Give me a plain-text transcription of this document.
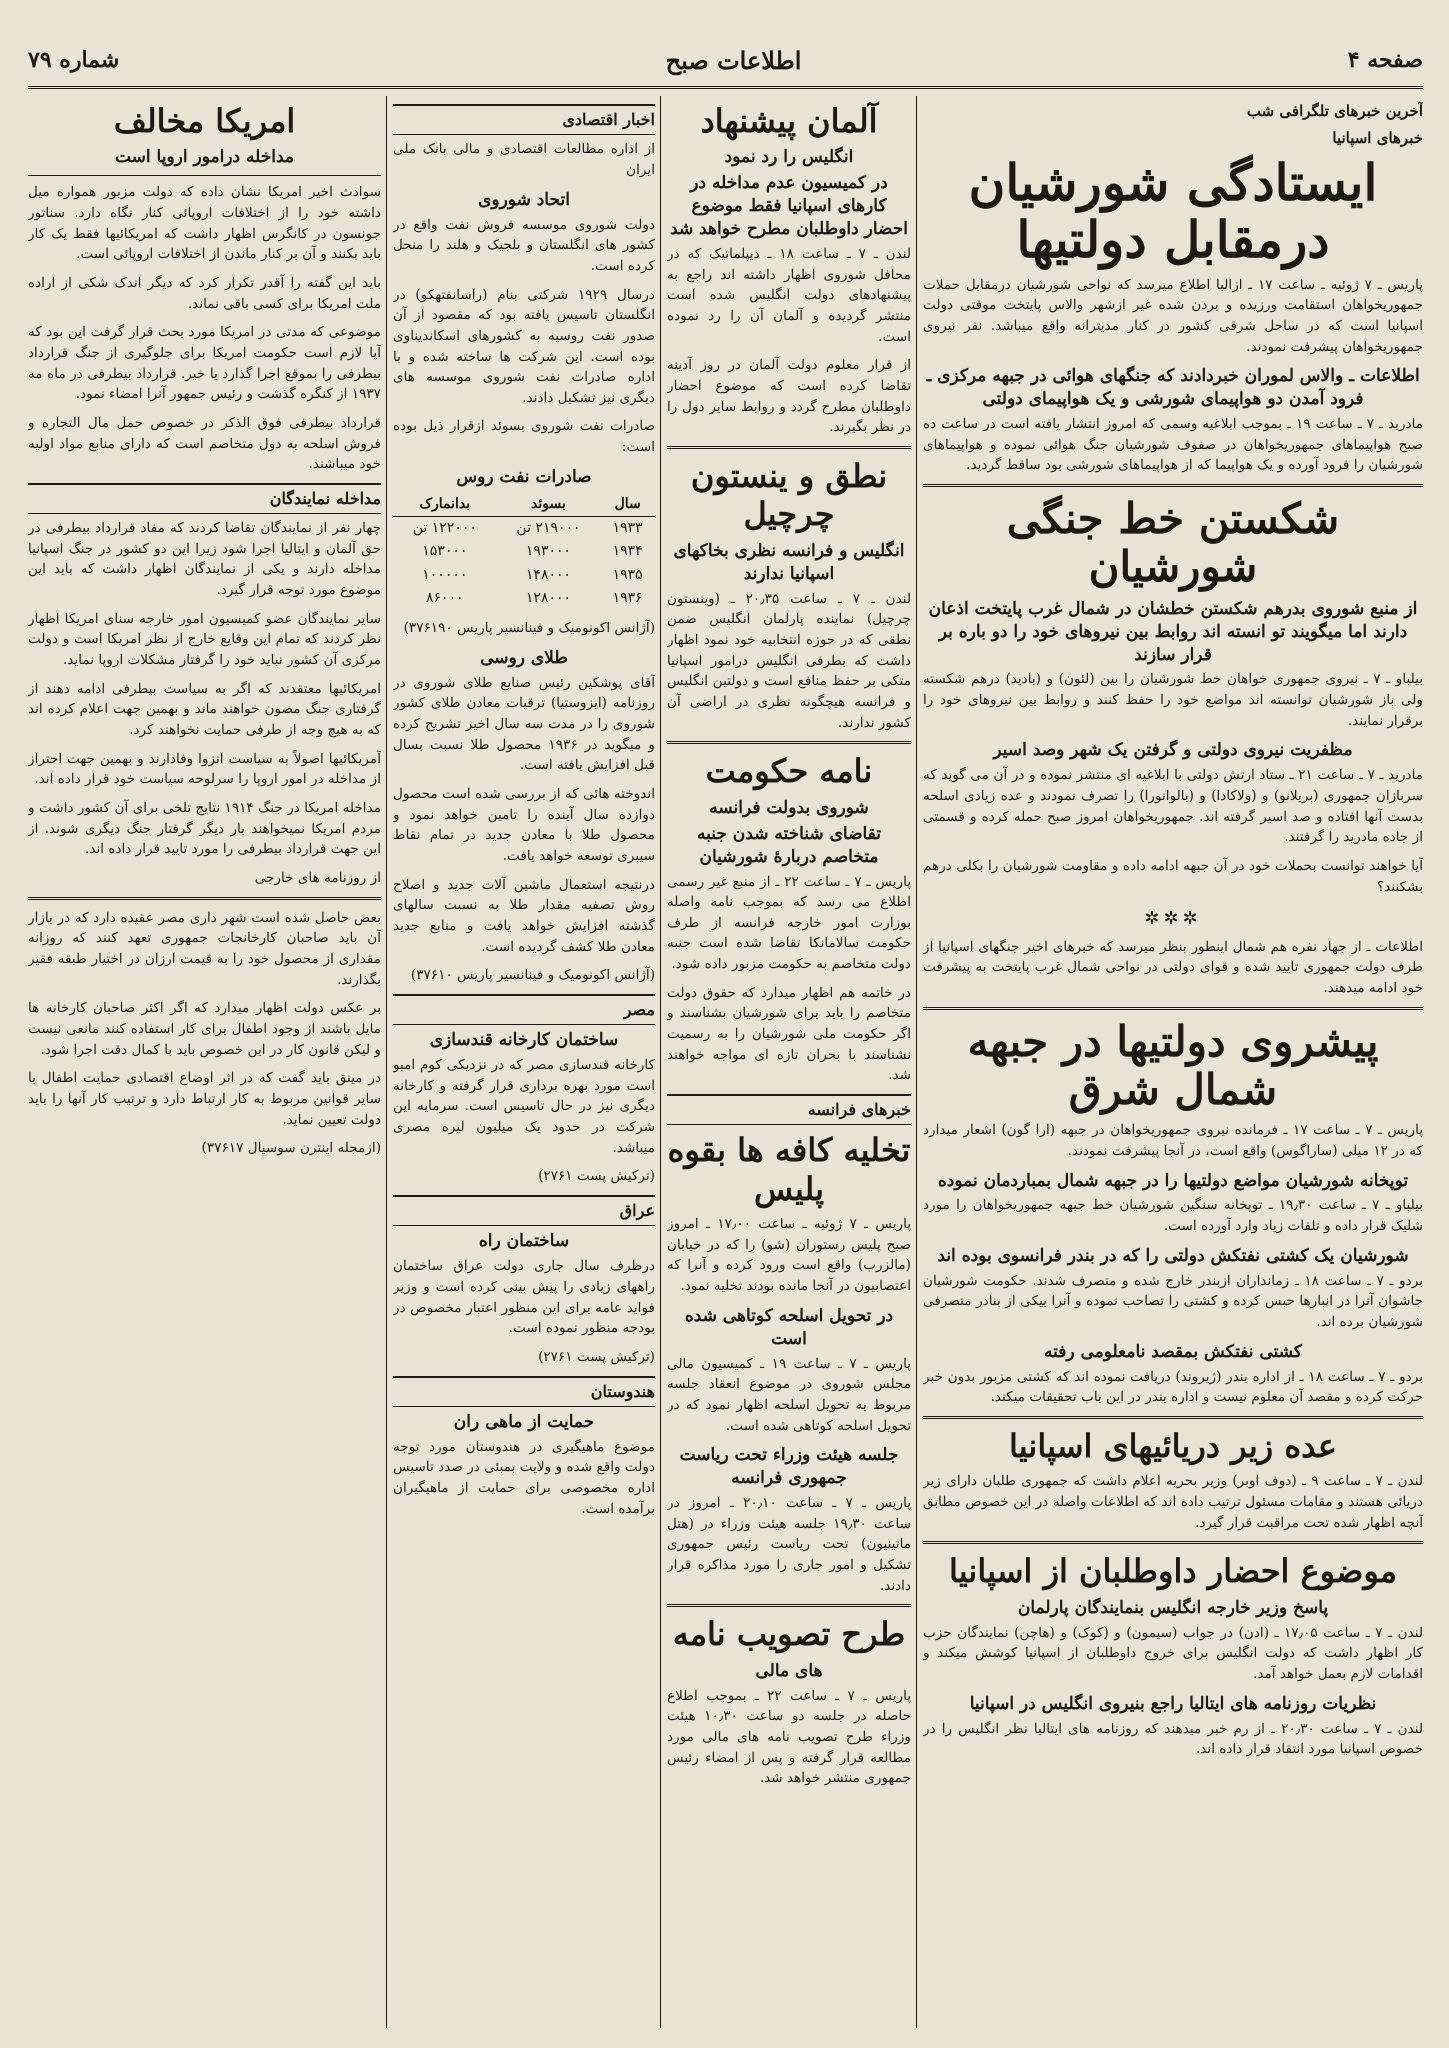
صفحه ۴
اطلاعات صبح
شماره ۷۹
آخرین خبرهای تلگرافی شب
خبرهای اسپانیا
ایستادگی شورشیان درمقابل دولتیها
پاریس ـ ۷ ژوئیه ـ ساعت ۱۷ ـ ازالبا اطلاع میرسد که نواحی شورشیان درمقابل حملات جمهوریخواهان استقامت ورزیده و بردن شده غیر ازشهر والاس پایتخت موقتی دولت اسپانیا است که در ساحل شرقی کشور در کنار مدیترانه واقع میباشد. نفر نیروی جمهوریخواهان پیشرفت نمودند.
اطلاعات ـ والاس لموران خبردادند که جنگهای هوائی در جبهه مرکزی ـ فرود آمدن دو هواپیمای شورشی و یک هواپیمای دولتی
مادرید ـ ۷ ـ ساعت ۱۹ ـ بموجب ابلاغیه وسمی که امروز انتشار یافته است در ساعت ده صبح هواپیماهای جمهوریخواهان در صفوف شورشیان جنگ هوائی نموده و هواپیماهای شورشیان را فرود آورده و یک هواپیما که از هواپیماهای شورشی بود ساقط گردید.
شکستن خط جنگی شورشیان
از منبع شوروی بدرهم شکستن خطشان در شمال غرب پایتخت اذعان دارند اما میگویند تو انسته اند روابط بین نیروهای خود را دو باره بر قرار سازند
بیلباو ـ ۷ ـ نیروی جمهوری خواهان خط شورشیان را بین (لئون) و (بادید) درهم شکسته ولی باز شورشیان توانسته اند مواضع خود را حفظ کنند و روابط بین نیروهای خود را برقرار نمایند.
مظفریت نیروی دولتی و گرفتن یک شهر وصد اسیر
مادرید ـ ۷ ـ ساعت ۲۱ ـ ستاد ارتش دولتی با ابلاغیه ای منتشر نموده و در آن می گوید که سربازان جمهوری (بریلانو) و (ولاکادا) و (بالوانورا) را تصرف نمودند و عده زیادی اسلحه بدست آنها افتاده و صد اسیر گرفته اند. جمهوریخواهان امروز صبح حمله کرده و قسمتی از جاده مادرید را گرفتند.
آیا خواهند توانست بحملات خود در آن جبهه ادامه داده و مقاومت شورشیان را بکلی درهم بشکنند؟
✲✲✲
اطلاعات ـ از جهاد نفره هم شمال اینطور بنظر میرسد که خبرهای اخیر جنگهای اسپانیا از طرف دولت جمهوری تایید شده و قوای دولتی در نواحی شمال غرب پایتخت به پیشرفت خود ادامه میدهند.
پیشروی دولتیها در جبهه شمال شرق
پاریس ـ ۷ ـ ساعت ۱۷ ـ فرمانده نیروی جمهوریخواهان در جبهه (ارا گون) اشعار میدارد که در ۱۲ میلی (ساراگوس) واقع است، در آنجا پیشرفت نمودند.
توپخانه شورشیان مواضع دولتیها را در جبهه شمال بمباردمان نموده
بیلباو ـ ۷ ـ ساعت ۱۹٫۳۰ ـ توپخانه سنگین شورشیان خط جبهه جمهوریخواهان را مورد شلیک قرار داده و تلفات زیاد وارد آورده است.
شورشیان یک کشتی نفتکش دولتی را که در بندر فرانسوی بوده اند
بردو ـ ۷ ـ ساعت ۱۸ ـ زمانداران ازبندر خارج شده و متصرف شدند. حکومت شورشیان جاشوان آنرا در انبارها حبس کرده و کشتی را تصاحب نموده و آنرا بیکی از بنادر متصرفی شورشیان برده اند.
کشتی نفتکش بمقصد نامعلومی رفته
بردو ـ ۷ ـ ساعت ۱۸ ـ از اداره بندر (ژیروند) دریافت نموده اند که کشتی مزبور بدون خبر حرکت کرده و مقصد آن معلوم نیست و اداره بندر در این باب تحقیقات میکند.
عده زیر دریائیهای اسپانیا
لندن ـ ۷ ـ ساعت ۹ ـ (دوف اوبر) وزیر بحریه اعلام داشت که جمهوری طلبان دارای زیر دریائی هستند و مقامات مسئول ترتیب داده اند که اطلاعات واصله در این خصوص مطابق آنچه اظهار شده تحت مراقبت قرار گیرد.
موضوع احضار داوطلبان از اسپانیا
پاسخ وزیر خارجه انگلیس بنمایندگان پارلمان
لندن ـ ۷ ـ ساعت ۱۷٫۰۵ ـ (ادن) در جواب (سیمون) و (کوک) و (هاچن) نمایندگان حزب کار اظهار داشت که دولت انگلیس برای خروج داوطلبان از اسپانیا کوشش میکند و اقدامات لازم بعمل خواهد آمد.
نظریات روزنامه های ایتالیا راجع بنیروی انگلیس در اسپانیا
لندن ـ ۷ ـ ساعت ۲۰٫۳۰ ـ از رم خبر میدهند که روزنامه های ایتالیا نظر انگلیس را در خصوص اسپانیا مورد انتقاد قرار داده اند.
آلمان پیشنهاد
انگلیس را رد نمود
در کمیسیون عدم مداخله در کارهای اسپانیا فقط موضوع احضار داوطلبان مطرح خواهد شد
لندن ـ ۷ ـ ساعت ۱۸ ـ دیپلماتیک که در محافل شوروی اظهار داشته اند راجع به پیشنهادهای دولت انگلیس شده است منتشر گردیده و آلمان آن را رد نموده است.
از قرار معلوم دولت آلمان در روز آدینه تقاضا کرده است که موضوع احضار داوطلبان مطرح گردد و روابط سایر دول را در نظر بگیرند.
نطق و ینستون چرچیل
انگلیس و فرانسه نظری بخاکهای اسپانیا ندارند
لندن ـ ۷ ـ ساعت ۲۰٫۳۵ ـ (وینستون چرچیل) نماینده پارلمان انگلیس ضمن نطقی که در حوزه انتخابیه خود نمود اظهار داشت که بطرفی انگلیس درامور اسپانیا متکی بر حفظ منافع است و دولتین انگلیس و فرانسه هیچگونه نظری در اراضی آن کشور ندارند.
نامه حکومت
شوروی بدولت فرانسه
تقاضای شناخته شدن جنبه متخاصم دربارۀ شورشیان
پاریس ـ ۷ ـ ساعت ۲۲ ـ از منبع غیر رسمی اطلاع می رسد که بموجب نامه واصله بوزارت امور خارجه فرانسه از طرف حکومت سالامانکا تقاضا شده است جنبه دولت متخاصم به حکومت مزبور داده شود.
در خاتمه هم اظهار میدارد که حقوق دولت متخاصم را باید برای شورشیان بشناسند و اگر حکومت ملی شورشیان را به رسمیت نشناسند با بحران تازه ای مواجه خواهند شد.
خبرهای فرانسه
تخلیه کافه ها بقوه پلیس
پاریس ـ ۷ ژوئیه ـ ساعت ۱۷٫۰۰ ـ امروز صبح پلیس رستوران (شو) را که در خیابان (مالزرب) واقع است ورود کرده و آنرا که اعتصابیون در آنجا مانده بودند تخلیه نمود.
در تحویل اسلحه کوتاهی شده است
پاریس ـ ۷ ـ ساعت ۱۹ ـ کمیسیون مالی مجلس شوروی در موضوع انعقاد جلسه مربوط به تحویل اسلحه اظهار نمود که در تحویل اسلحه کوتاهی شده است.
جلسه هیئت وزراء تحت ریاست جمهوری فرانسه
پاریس ـ ۷ ـ ساعت ۲۰٫۱۰ ـ امروز در ساعت ۱۹٫۳۰ جلسه هیئت وزراء در (هتل ماتینیون) تحت ریاست رئیس جمهوری تشکیل و امور جاری را مورد مذاکره قرار دادند.
طرح تصویب نامه
های مالی
پاریس ـ ۷ ـ ساعت ۲۲ ـ بموجب اطلاع حاصله در جلسه دو ساعت ۱۰٫۳۰ هیئت وزراء طرح تصویب نامه های مالی مورد مطالعه قرار گرفته و پس از امضاء رئیس جمهوری منتشر خواهد شد.
اخبار اقتصادی
از اداره مطالعات اقتصادی و مالی بانک ملی ایران
اتحاد شوروی
دولت شوروی موسسه فروش نفت واقع در کشور های انگلستان و بلجیک و هلند را منحل کرده است.
درسال ۱۹۲۹ شرکتی بنام (راسانفتهکو) در انگلستان تاسیس یافته بود که مقصود از آن صدور نفت روسیه به کشورهای اسکاندیناوی بوده است. این شرکت ها ساخته شده و با اداره صادرات نفت شوروی موسسه های دیگری نیز تشکیل دادند.
صادرات نفت شوروی بسوئد ازقرار ذیل بوده است:
صادرات نفت روس
سال	بسوئد	بدانمارک
۱۹۳۳	۲۱۹۰۰۰ تن	۱۲۲۰۰۰ تن
۱۹۳۴	۱۹۳۰۰۰	۱۵۳۰۰۰
۱۹۳۵	۱۴۸۰۰۰	۱۰۰۰۰۰
۱۹۳۶	۱۲۸۰۰۰	۸۶۰۰۰
(آژانس اکونومیک و فینانسیر پاریس ۳۷۶۱۹۰)
طلای روسی
آقای پوشکین رئیس صنایع طلای شوروی در روزنامه (ایزوستیا) ترقیات معادن طلای کشور شوروی را در مدت سه سال اخیر تشریح کرده و میگوید در ۱۹۳۶ محصول طلا نسبت بسال قبل افزایش یافته است.
اندوخته هائی که از بررسی شده است محصول دوازده سال آینده را تامین خواهد نمود و محصول طلا با معادن جدید در تمام نقاط سیبری توسعه خواهد یافت.
درنتیجه استعمال ماشین آلات جدید و اصلاح روش تصفیه مقدار طلا به نسبت سالهای گذشته افزایش خواهد یافت و منابع جدید معادن طلا کشف گردیده است.
(آژانس اکونومیک و فینانسیر پاریس ۳۷۶۱۰)
مصر
ساختمان کارخانه قندسازی
کارخانه قندسازی مصر که در نزدیکی کوم امبو است مورد بهره برداری قرار گرفته و کارخانه دیگری نیز در حال تاسیس است. سرمایه این شرکت در حدود یک میلیون لیره مصری میباشد.
(ترکیش پست ۲۷۶۱)
عراق
ساختمان راه
درظرف سال جاری دولت عراق ساختمان راههای زیادی را پیش بینی کرده است و وزیر فواید عامه برای این منظور اعتبار مخصوص در بودجه منظور نموده است.
(ترکیش پست ۲۷۶۱)
هندوستان
حمایت از ماهی ران
موضوع ماهیگیری در هندوستان مورد توجه دولت واقع شده و ولایت بمبئی در صدد تاسیس اداره مخصوصی برای حمایت از ماهیگیران برآمده است.
امریکا مخالف
مداخله درامور اروپا است
سوادث اخیر امریکا نشان داده که دولت مزبور همواره میل داشته خود را از اختلافات اروپائی کنار نگاه دارد. سناتور جونسون در کانگرس اظهار داشت که امریکائیها فقط یک کار باید بکنند و آن بر کنار ماندن از اختلافات اروپائی است.
باید این گفته را آقدر تکرار کرد که دیگر اندک شکی از اراده ملت امریکا برای کسی باقی نماند.
موضوعی که مدتی در امریکا مورد بحث قرار گرفت این بود که آیا لازم است حکومت امریکا برای جلوگیری از جنگ قرارداد بیطرفی را بموقع اجرا گذارد یا خیر. قرارداد بیطرفی در ماه مه ۱۹۳۷ از کنگره گذشت و رئیس جمهور آنرا امضاء نمود.
قرارداد بیطرفی فوق الذکر در خصوص حمل مال التجاره و فروش اسلحه به دول متخاصم است که دارای منابع مواد اولیه خود میباشند.
مداخله نمایندگان
چهار نفر از نمایندگان تقاضا کردند که مفاد قرارداد بیطرفی در حق آلمان و ایتالیا اجرا شود زیرا این دو کشور در جنگ اسپانیا مداخله دارند و یکی از نمایندگان اظهار داشت که باید این موضوع مورد توجه قرار گیرد.
سایر نمایندگان عضو کمیسیون امور خارجه سنای امریکا اظهار نظر کردند که تمام این وقایع خارج از نظر امریکا است و دولت مرکزی آن کشور نباید خود را گرفتار مشکلات اروپا نماید.
امریکائیها معتقدند که اگر به سیاست بیطرفی ادامه دهند از گرفتاری جنگ مصون خواهند ماند و بهمین جهت اعلام کرده اند که به هیچ وجه از طرفی حمایت نخواهند کرد.
آمریکائیها اصولاً به سیاست انزوا وفادارند و بهمین جهت احتراز از مداخله در امور اروپا را سرلوحه سیاست خود قرار داده اند.
مداخله امریکا در جنگ ۱۹۱۴ نتایج تلخی برای آن کشور داشت و مردم امریکا نمیخواهند بار دیگر گرفتار جنگ دیگری شوند. از این جهت قرارداد بیطرفی را مورد تایید قرار داده اند.
از روزنامه های خارجی
بعض حاصل شده است شهر داری مصر عقیده دارد که در بازار آن باید صاحبان کارخانجات جمهوری تعهد کنند که روزانه مقداری از محصول خود را به قیمت ارزان در اختیار طبقه فقیر بگذارند.
بر عکس دولت اظهار میدارد که اگر اکثر صاحبان کارخانه ها مایل باشند از وجود اطفال برای کار استفاده کنند مانعی نیست و لیکن قانون کار در این خصوص باید با کمال دقت اجرا شود.
در مینق باید گفت که در اثر اوضاع اقتصادی حمایت اطفال با سایر قوانین مربوط به کار ارتباط دارد و ترتیب کار آنها را باید دولت تعیین نماید.
(ازمجله اینترن سوسیال ۳۷۶۱۷)
